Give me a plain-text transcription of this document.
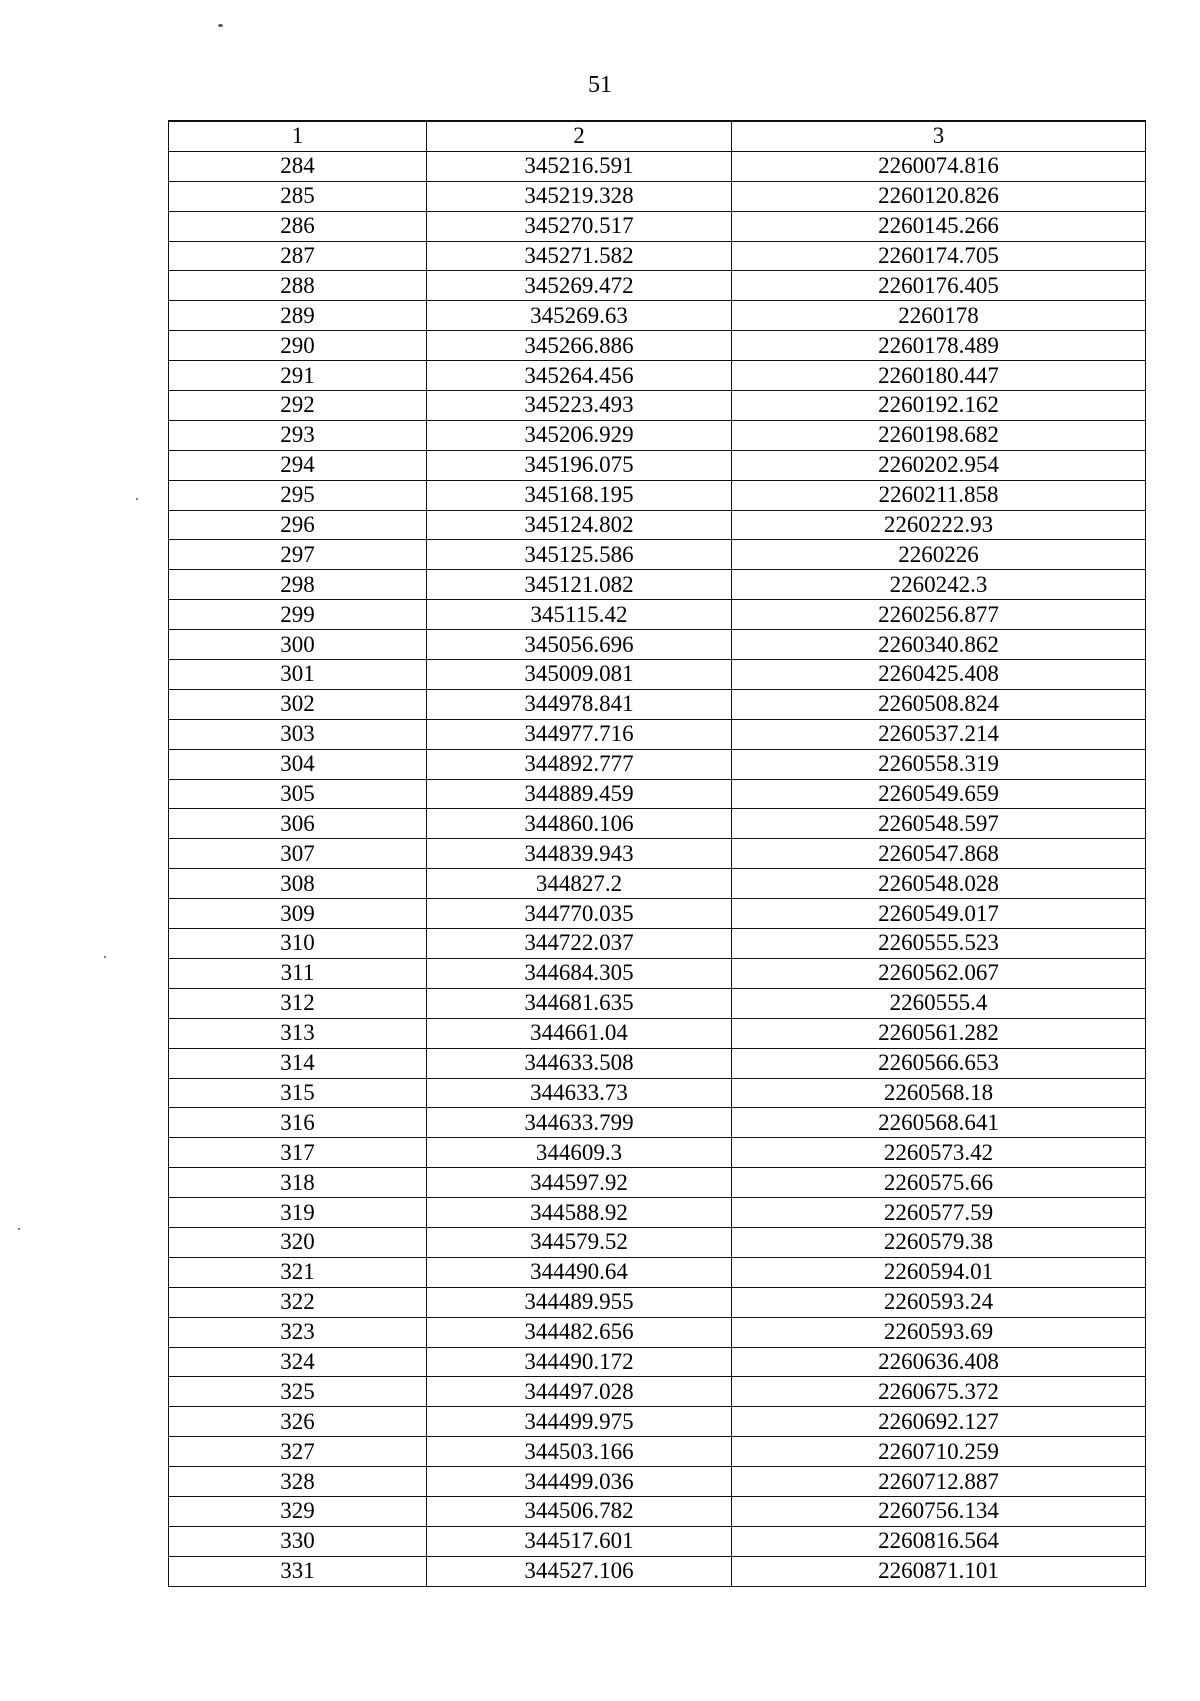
51
1	2	3
284	345216.591	2260074.816
285	345219.328	2260120.826
286	345270.517	2260145.266
287	345271.582	2260174.705
288	345269.472	2260176.405
289	345269.63	2260178
290	345266.886	2260178.489
291	345264.456	2260180.447
292	345223.493	2260192.162
293	345206.929	2260198.682
294	345196.075	2260202.954
295	345168.195	2260211.858
296	345124.802	2260222.93
297	345125.586	2260226
298	345121.082	2260242.3
299	345115.42	2260256.877
300	345056.696	2260340.862
301	345009.081	2260425.408
302	344978.841	2260508.824
303	344977.716	2260537.214
304	344892.777	2260558.319
305	344889.459	2260549.659
306	344860.106	2260548.597
307	344839.943	2260547.868
308	344827.2	2260548.028
309	344770.035	2260549.017
310	344722.037	2260555.523
311	344684.305	2260562.067
312	344681.635	2260555.4
313	344661.04	2260561.282
314	344633.508	2260566.653
315	344633.73	2260568.18
316	344633.799	2260568.641
317	344609.3	2260573.42
318	344597.92	2260575.66
319	344588.92	2260577.59
320	344579.52	2260579.38
321	344490.64	2260594.01
322	344489.955	2260593.24
323	344482.656	2260593.69
324	344490.172	2260636.408
325	344497.028	2260675.372
326	344499.975	2260692.127
327	344503.166	2260710.259
328	344499.036	2260712.887
329	344506.782	2260756.134
330	344517.601	2260816.564
331	344527.106	2260871.101
